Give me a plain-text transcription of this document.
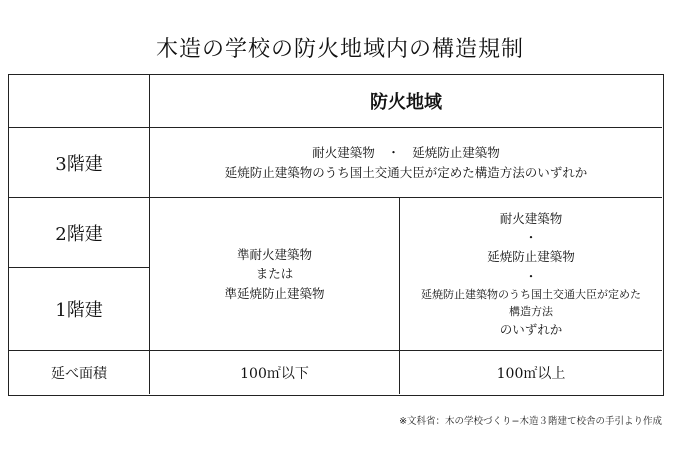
木造の学校の防火地域内の構造規制
防火地域
3階建
耐火建築物　・　延焼防止建築物
延焼防止建築物のうち国土交通大臣が定めた構造方法のいずれか
2階建
1階建
準耐火建築物
または
準延焼防止建築物
耐火建築物
・
延焼防止建築物
・
延焼防止建築物のうち国土交通大臣が定めた
構造方法
のいずれか
延べ面積	100㎡以下	100㎡以上
※文科省：木の学校づくり−木造３階建て校舎の手引より作成
